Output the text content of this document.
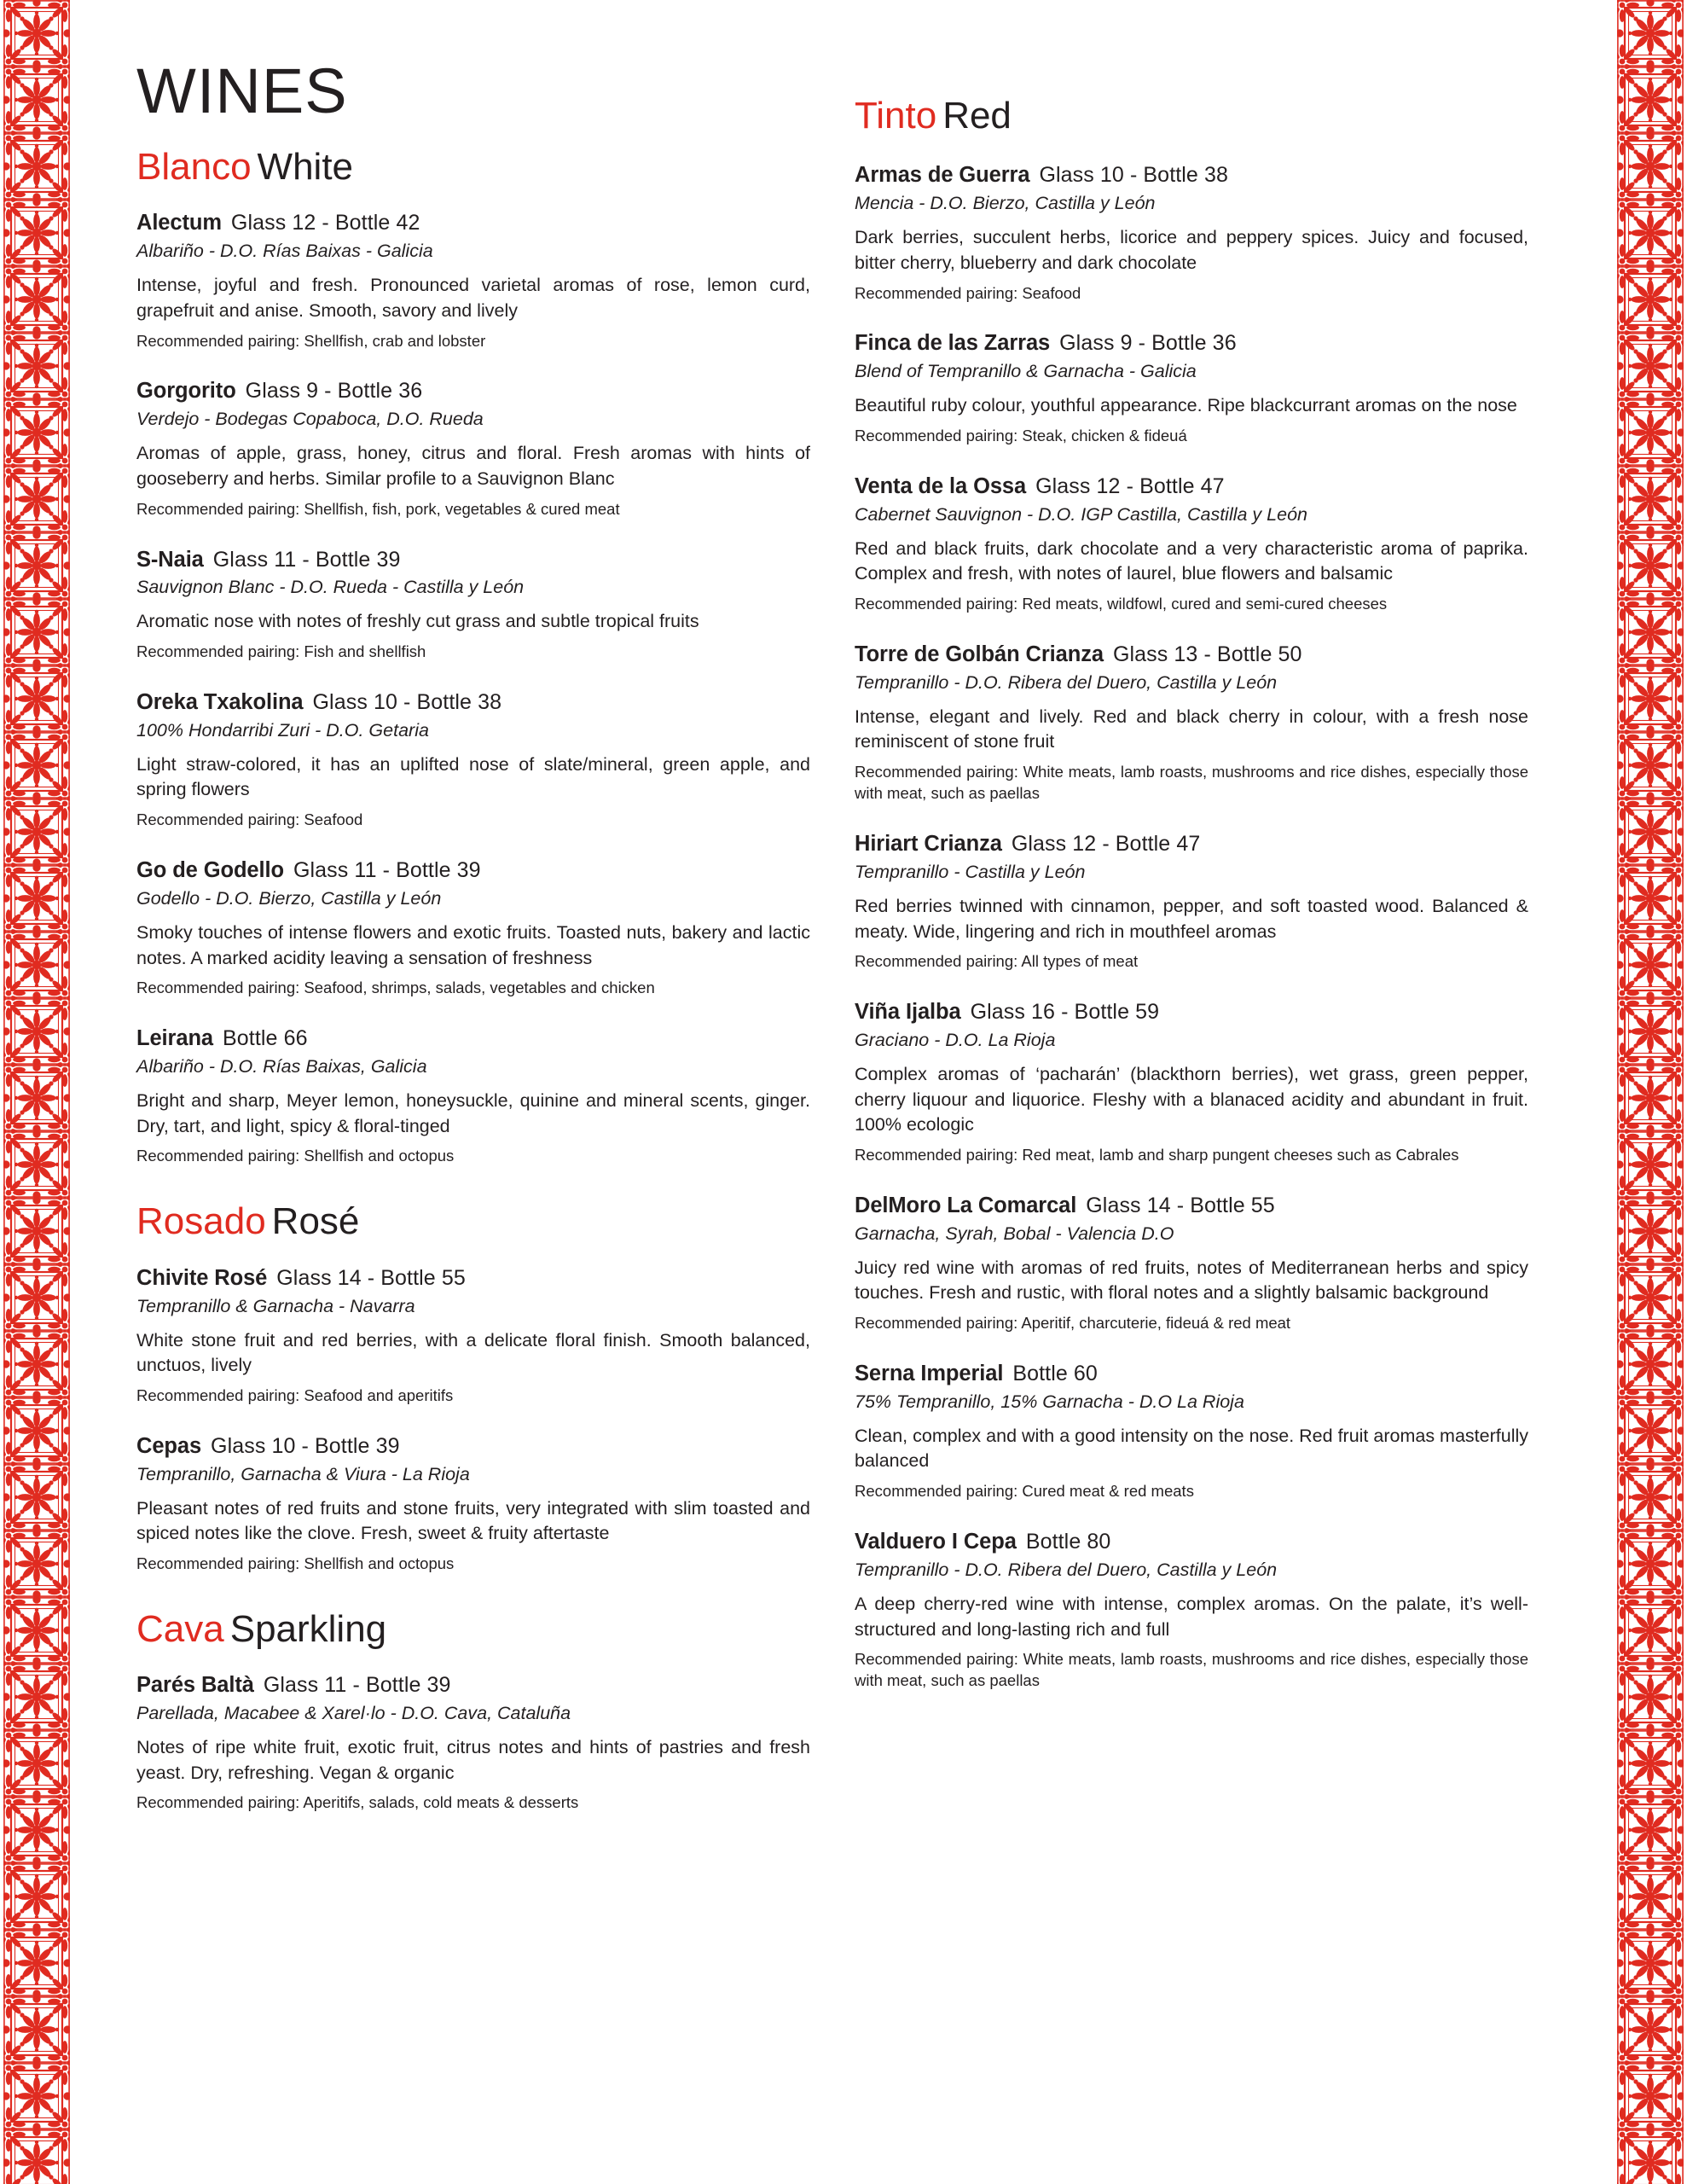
WINES
Blanco White
Alectum Glass 12 - Bottle 42
Albariño - D.O. Rías Baixas - Galicia
Intense, joyful and fresh. Pronounced varietal aromas of rose, lemon curd, grapefruit and anise. Smooth, savory and lively
Recommended pairing: Shellfish, crab and lobster
Gorgorito Glass 9 - Bottle 36
Verdejo - Bodegas Copaboca, D.O. Rueda
Aromas of apple, grass, honey, citrus and floral. Fresh aromas with hints of gooseberry and herbs. Similar profile to a Sauvignon Blanc
Recommended pairing: Shellfish, fish, pork, vegetables & cured meat
S-Naia Glass 11 - Bottle 39
Sauvignon Blanc - D.O. Rueda - Castilla y León
Aromatic nose with notes of freshly cut grass and subtle tropical fruits
Recommended pairing: Fish and shellfish
Oreka Txakolina Glass 10 - Bottle 38
100% Hondarribi Zuri - D.O. Getaria
Light straw-colored, it has an uplifted nose of slate/mineral, green apple, and spring flowers
Recommended pairing: Seafood
Go de Godello Glass 11 - Bottle 39
Godello - D.O. Bierzo, Castilla y León
Smoky touches of intense flowers and exotic fruits. Toasted nuts, bakery and lactic notes. A marked acidity leaving a sensation of freshness
Recommended pairing: Seafood, shrimps, salads, vegetables and chicken
Leirana Bottle 66
Albariño - D.O. Rías Baixas, Galicia
Bright and sharp, Meyer lemon, honeysuckle, quinine and mineral scents, ginger. Dry, tart, and light, spicy & floral-tinged
Recommended pairing: Shellfish and octopus
Rosado Rosé
Chivite Rosé Glass 14 - Bottle 55
Tempranillo & Garnacha - Navarra
White stone fruit and red berries, with a delicate floral finish. Smooth balanced, unctuos, lively
Recommended pairing: Seafood and aperitifs
Cepas Glass 10 - Bottle 39
Tempranillo, Garnacha & Viura - La Rioja
Pleasant notes of red fruits and stone fruits, very integrated with slim toasted and spiced notes like the clove. Fresh, sweet & fruity aftertaste
Recommended pairing: Shellfish and octopus
Cava Sparkling
Parés Baltà Glass 11 - Bottle 39
Parellada, Macabee & Xarel·lo - D.O. Cava, Cataluña
Notes of ripe white fruit, exotic fruit, citrus notes and hints of pastries and fresh yeast. Dry, refreshing. Vegan & organic
Recommended pairing: Aperitifs, salads, cold meats & desserts
Tinto Red
Armas de Guerra Glass 10 - Bottle 38
Mencia - D.O. Bierzo, Castilla y León
Dark berries, succulent herbs, licorice and peppery spices. Juicy and focused, bitter cherry, blueberry and dark chocolate
Recommended pairing: Seafood
Finca de las Zarras Glass 9 - Bottle 36
Blend of Tempranillo & Garnacha - Galicia
Beautiful ruby colour, youthful appearance. Ripe blackcurrant aromas on the nose
Recommended pairing: Steak, chicken & fideuá
Venta de la Ossa Glass 12 - Bottle 47
Cabernet Sauvignon - D.O. IGP Castilla, Castilla y León
Red and black fruits, dark chocolate and a very characteristic aroma of paprika. Complex and fresh, with notes of laurel, blue flowers and balsamic
Recommended pairing: Red meats, wildfowl, cured and semi-cured cheeses
Torre de Golbán Crianza Glass 13 - Bottle 50
Tempranillo - D.O. Ribera del Duero, Castilla y León
Intense, elegant and lively. Red and black cherry in colour, with a fresh nose reminiscent of stone fruit
Recommended pairing: White meats, lamb roasts, mushrooms and rice dishes, especially those with meat, such as paellas
Hiriart Crianza Glass 12 - Bottle 47
Tempranillo - Castilla y León
Red berries twinned with cinnamon, pepper, and soft toasted wood. Balanced & meaty. Wide, lingering and rich in mouthfeel aromas
Recommended pairing: All types of meat
Viña Ijalba Glass 16 - Bottle 59
Graciano - D.O. La Rioja
Complex aromas of ‘pacharán’ (blackthorn berries), wet grass, green pepper, cherry liquour and liquorice. Fleshy with a blanaced acidity and abundant in fruit. 100% ecologic
Recommended pairing: Red meat, lamb and sharp pungent cheeses such as Cabrales
DelMoro La Comarcal Glass 14 - Bottle 55
Garnacha, Syrah, Bobal - Valencia D.O
Juicy red wine with aromas of red fruits, notes of Mediterranean herbs and spicy touches. Fresh and rustic, with floral notes and a slightly balsamic background
Recommended pairing: Aperitif, charcuterie, fideuá & red meat
Serna Imperial Bottle 60
75% Tempranillo, 15% Garnacha - D.O La Rioja
Clean, complex and with a good intensity on the nose. Red fruit aromas masterfully balanced
Recommended pairing: Cured meat & red meats
Valduero I Cepa Bottle 80
Tempranillo - D.O. Ribera del Duero, Castilla y León
A deep cherry-red wine with intense, complex aromas. On the palate, it’s well-structured and long-lasting rich and full
Recommended pairing: White meats, lamb roasts, mushrooms and rice dishes, especially those with meat, such as paellas
